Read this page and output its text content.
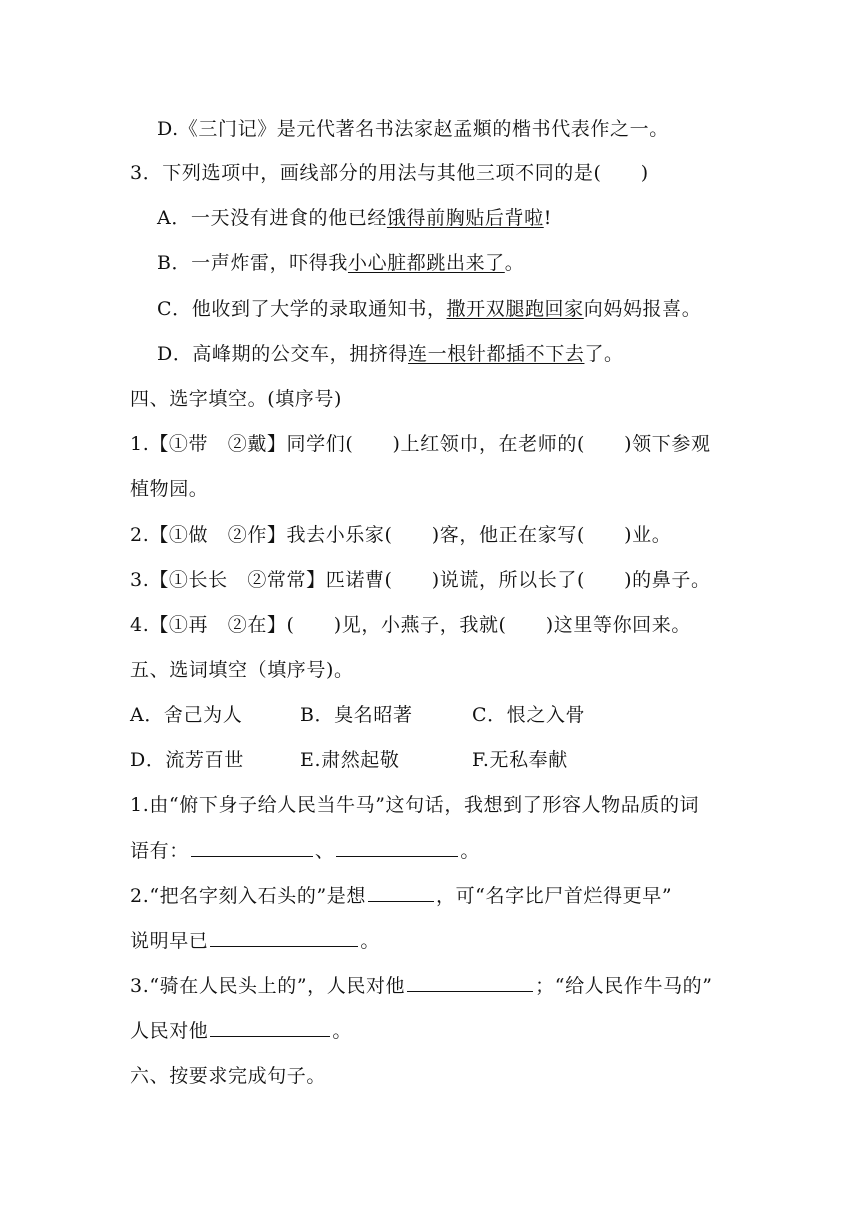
D.《三门记》是元代著名书法家赵孟頫的楷书代表作之一。
3．下列选项中，画线部分的用法与其他三项不同的是(　　)
A．一天没有进食的他已经饿得前胸贴后背啦!
B．一声炸雷，吓得我小心脏都跳出来了。
C．他收到了大学的录取通知书，撒开双腿跑回家向妈妈报喜。
D．高峰期的公交车，拥挤得连一根针都插不下去了。
四、选字填空。(填序号)
1.【①带　②戴】同学们(　　)上红领巾，在老师的(　　)领下参观
植物园。
2.【①做　②作】我去小乐家(　　)客，他正在家写(　　)业。
3.【①长长　②常常】匹诺曹(　　)说谎，所以长了(　　)的鼻子。
4.【①再　②在】(　　)见，小燕子，我就(　　)这里等你回来。
五、选词填空（填序号)。
A．舍己为人	B．臭名昭著	C．恨之入骨
D．流芳百世	E.肃然起敬	F.无私奉献
1.由“俯下身子给人民当牛马”这句话，我想到了形容人物品质的词
语有：	、	。
2.“把名字刻入石头的”是想	，可“名字比尸首烂得更早”
说明早已	。
3.“骑在人民头上的”，人民对他	；“给人民作牛马的”
人民对他	。
六、按要求完成句子。
